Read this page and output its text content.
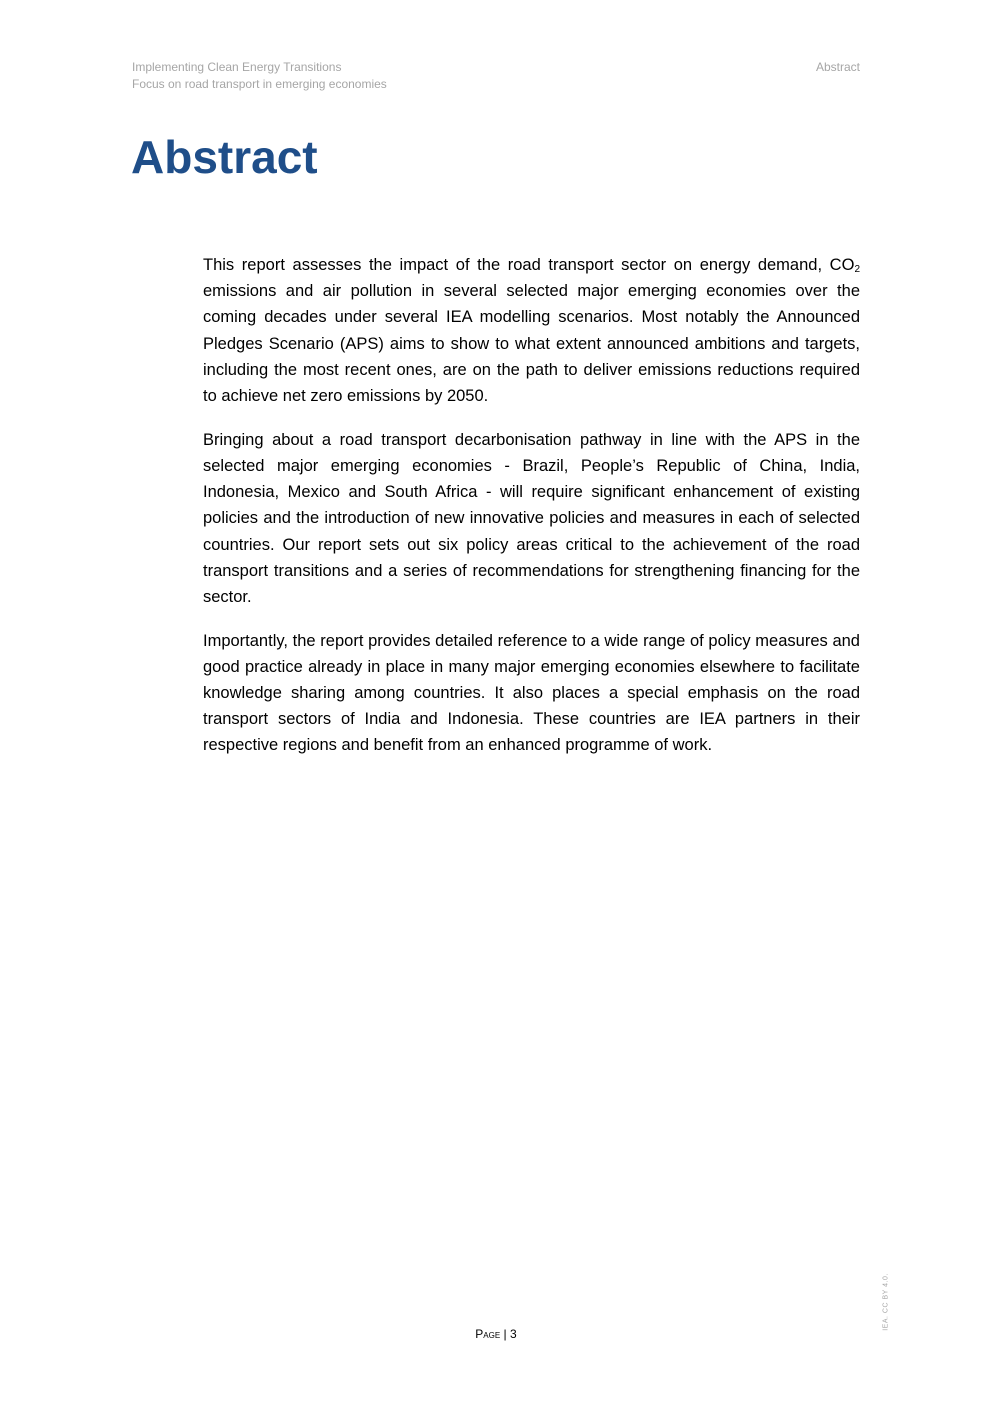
Implementing Clean Energy Transitions
Focus on road transport in emerging economies
Abstract
Abstract

This report assesses the impact of the road transport sector on energy demand, $CO_2$ emissions and air pollution in several selected major emerging economies over the coming decades under several IEA modelling scenarios. Most notably the Announced Pledges Scenario (APS) aims to show to what extent announced ambitions and targets, including the most recent ones, are on the path to deliver emissions reductions required to achieve net zero emissions by 2050.

Bringing about a road transport decarbonisation pathway in line with the APS in the selected major emerging economies - Brazil, People’s Republic of China, India, Indonesia, Mexico and South Africa - will require significant enhancement of existing policies and the introduction of new innovative policies and measures in each of selected countries. Our report sets out six policy areas critical to the achievement of the road transport transitions and a series of recommendations for strengthening financing for the sector.

Importantly, the report provides detailed reference to a wide range of policy measures and good practice already in place in many major emerging economies elsewhere to facilitate knowledge sharing among countries. It also places a special emphasis on the road transport sectors of India and Indonesia. These countries are IEA partners in their respective regions and benefit from an enhanced programme of work.

Page | 3
IEA. CC BY 4.0.
